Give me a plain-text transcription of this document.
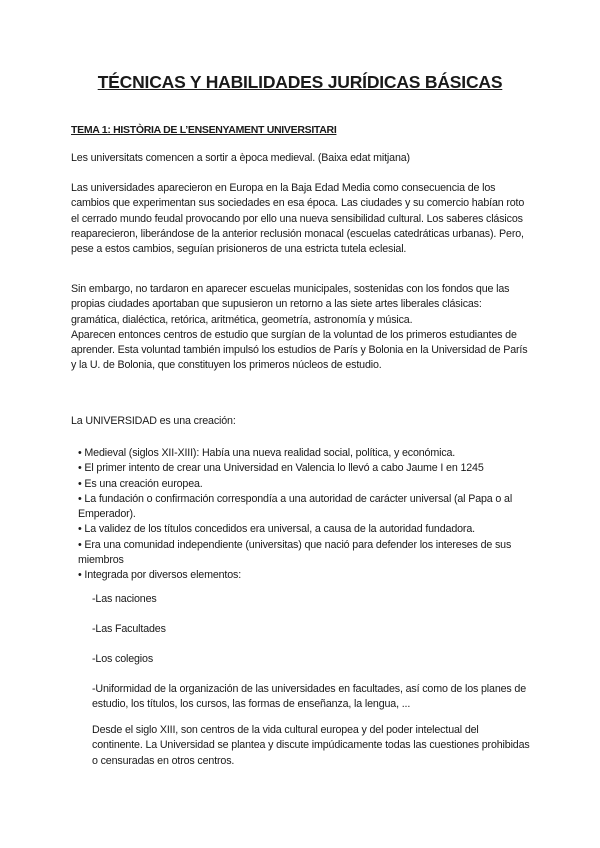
TÉCNICAS Y HABILIDADES JURÍDICAS BÁSICAS
TEMA 1: HISTÒRIA DE L’ENSENYAMENT UNIVERSITARI

Les universitats comencen a sortir a època medieval. (Baixa edat mitjana)

Las universidades aparecieron en Europa en la Baja Edad Media como consecuencia de los cambios que experimentan sus sociedades en esa época. Las ciudades y su comercio habían roto el cerrado mundo feudal provocando por ello una nueva sensibilidad cultural. Los saberes clásicos reaparecieron, liberándose de la anterior reclusión monacal (escuelas catedráticas urbanas). Pero, pese a estos cambios, seguían prisioneros de una estricta tutela eclesial.

Sin embargo, no tardaron en aparecer escuelas municipales, sostenidas con los fondos que las propias ciudades aportaban que supusieron un retorno a las siete artes liberales clásicas:

gramática, dialéctica, retórica, aritmética, geometría, astronomía y música.

Aparecen entonces centros de estudio que surgían de la voluntad de los primeros estudiantes de aprender. Esta voluntad también impulsó los estudios de París y Bolonia en la Universidad de París y la U. de Bolonia, que constituyen los primeros núcleos de estudio.

La UNIVERSIDAD es una creación:

• Medieval (siglos XII-XIII): Había una nueva realidad social, política, y económica.
• El primer intento de crear una Universidad en Valencia lo llevó a cabo Jaume I en 1245
• Es una creación europea.
• La fundación o confirmación correspondía a una autoridad de carácter universal (al Papa o al Emperador).
• La validez de los títulos concedidos era universal, a causa de la autoridad fundadora.
• Era una comunidad independiente (universitas) que nació para defender los intereses de sus miembros
• Integrada por diversos elementos:

-Las naciones

-Las Facultades

-Los colegios

-Uniformidad de la organización de las universidades en facultades, así como de los planes de estudio, los títulos, los cursos, las formas de enseñanza, la lengua, ...

Desde el siglo XIII, son centros de la vida cultural europea y del poder intelectual del continente. La Universidad se plantea y discute impúdicamente todas las cuestiones prohibidas o censuradas en otros centros.
